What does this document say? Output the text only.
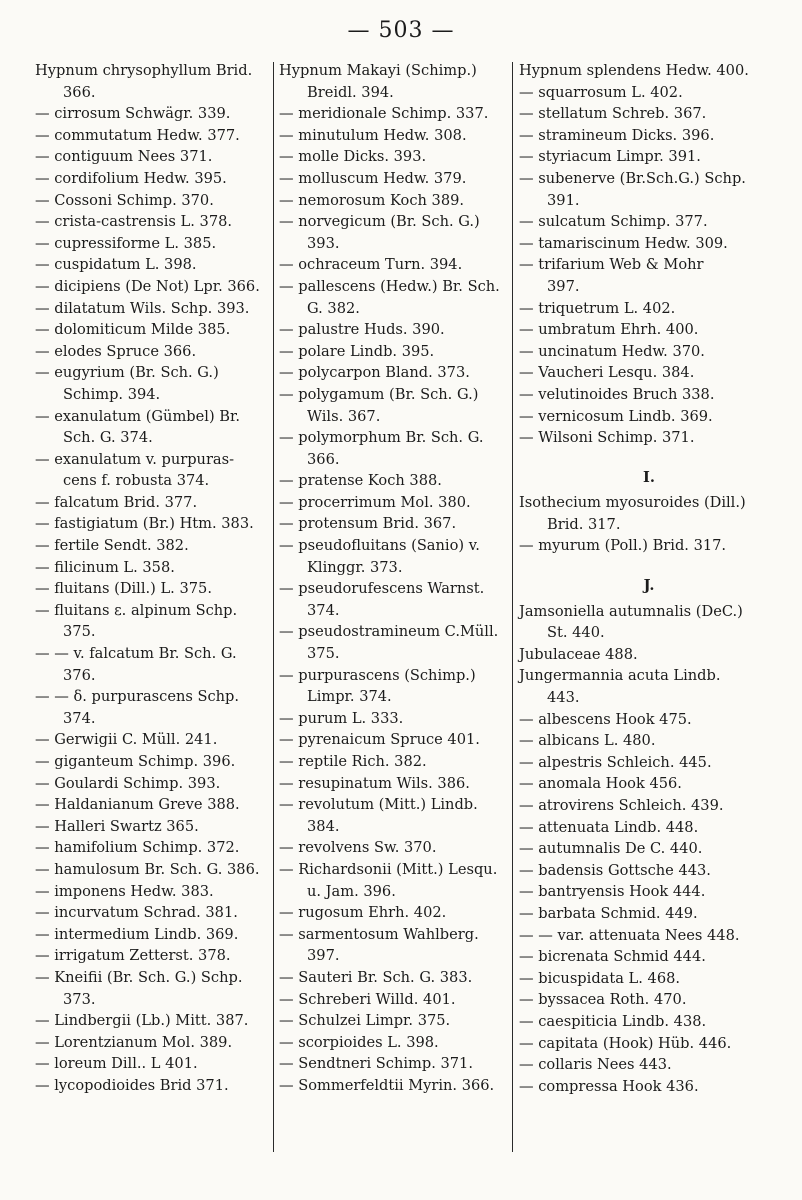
— 503 —
Hypnum chrysophyllum Brid.
366.
— cirrosum Schwägr. 339.
— commutatum Hedw. 377.
— contiguum Nees 371.
— cordifolium Hedw. 395.
— Cossoni Schimp. 370.
— crista-castrensis L. 378.
— cupressiforme L. 385.
— cuspidatum L. 398.
— dicipiens (De Not) Lpr. 366.
— dilatatum Wils. Schp. 393.
— dolomiticum Milde 385.
— elodes Spruce 366.
— eugyrium (Br. Sch. G.)
Schimp. 394.
— exanulatum (Gümbel) Br.
Sch. G. 374.
— exanulatum v. purpuras-
cens f. robusta 374.
— falcatum Brid. 377.
— fastigiatum (Br.) Htm. 383.
— fertile Sendt. 382.
— filicinum L. 358.
— fluitans (Dill.) L. 375.
— fluitans ε. alpinum Schp.
375.
— — v. falcatum Br. Sch. G.
376.
— — δ. purpurascens Schp.
374.
— Gerwigii C. Müll. 241.
— giganteum Schimp. 396.
— Goulardi Schimp. 393.
— Haldanianum Greve 388.
— Halleri Swartz 365.
— hamifolium Schimp. 372.
— hamulosum Br. Sch. G. 386.
— imponens Hedw. 383.
— incurvatum Schrad. 381.
— intermedium Lindb. 369.
— irrigatum Zetterst. 378.
— Kneifii (Br. Sch. G.) Schp.
373.
— Lindbergii (Lb.) Mitt. 387.
— Lorentzianum Mol. 389.
— loreum Dill.. L 401.
— lycopodioides Brid 371.
Hypnum Makayi (Schimp.)
Breidl. 394.
— meridionale Schimp. 337.
— minutulum Hedw. 308.
— molle Dicks. 393.
— molluscum Hedw. 379.
— nemorosum Koch 389.
— norvegicum (Br. Sch. G.)
393.
— ochraceum Turn. 394.
— pallescens (Hedw.) Br. Sch.
G. 382.
— palustre Huds. 390.
— polare Lindb. 395.
— polycarpon Bland. 373.
— polygamum (Br. Sch. G.)
Wils. 367.
— polymorphum Br. Sch. G.
366.
— pratense Koch 388.
— procerrimum Mol. 380.
— protensum Brid. 367.
— pseudofluitans (Sanio) v.
Klinggr. 373.
— pseudorufescens Warnst.
374.
— pseudostramineum C.Müll.
375.
— purpurascens (Schimp.)
Limpr. 374.
— purum L. 333.
— pyrenaicum Spruce 401.
— reptile Rich. 382.
— resupinatum Wils. 386.
— revolutum (Mitt.) Lindb.
384.
— revolvens Sw. 370.
— Richardsonii (Mitt.) Lesqu.
u. Jam. 396.
— rugosum Ehrh. 402.
— sarmentosum Wahlberg.
397.
— Sauteri Br. Sch. G. 383.
— Schreberi Willd. 401.
— Schulzei Limpr. 375.
— scorpioides L. 398.
— Sendtneri Schimp. 371.
— Sommerfeldtii Myrin. 366.
Hypnum splendens Hedw. 400.
— squarrosum L. 402.
— stellatum Schreb. 367.
— stramineum Dicks. 396.
— styriacum Limpr. 391.
— subenerve (Br.Sch.G.) Schp.
391.
— sulcatum Schimp. 377.
— tamariscinum Hedw. 309.
— trifarium Web & Mohr
397.
— triquetrum L. 402.
— umbratum Ehrh. 400.
— uncinatum Hedw. 370.
— Vaucheri Lesqu. 384.
— velutinoides Bruch 338.
— vernicosum Lindb. 369.
— Wilsoni Schimp. 371.
I.
Isothecium myosuroides (Dill.)
Brid. 317.
— myurum (Poll.) Brid. 317.
J.
Jamsoniella autumnalis (DeC.)
St. 440.
Jubulaceae 488.
Jungermannia acuta Lindb.
443.
— albescens Hook 475.
— albicans L. 480.
— alpestris Schleich. 445.
— anomala Hook 456.
— atrovirens Schleich. 439.
— attenuata Lindb. 448.
— autumnalis De C. 440.
— badensis Gottsche 443.
— bantryensis Hook 444.
— barbata Schmid. 449.
— — var. attenuata Nees 448.
— bicrenata Schmid 444.
— bicuspidata L. 468.
— byssacea Roth. 470.
— caespiticia Lindb. 438.
— capitata (Hook) Hüb. 446.
— collaris Nees 443.
— compressa Hook 436.
